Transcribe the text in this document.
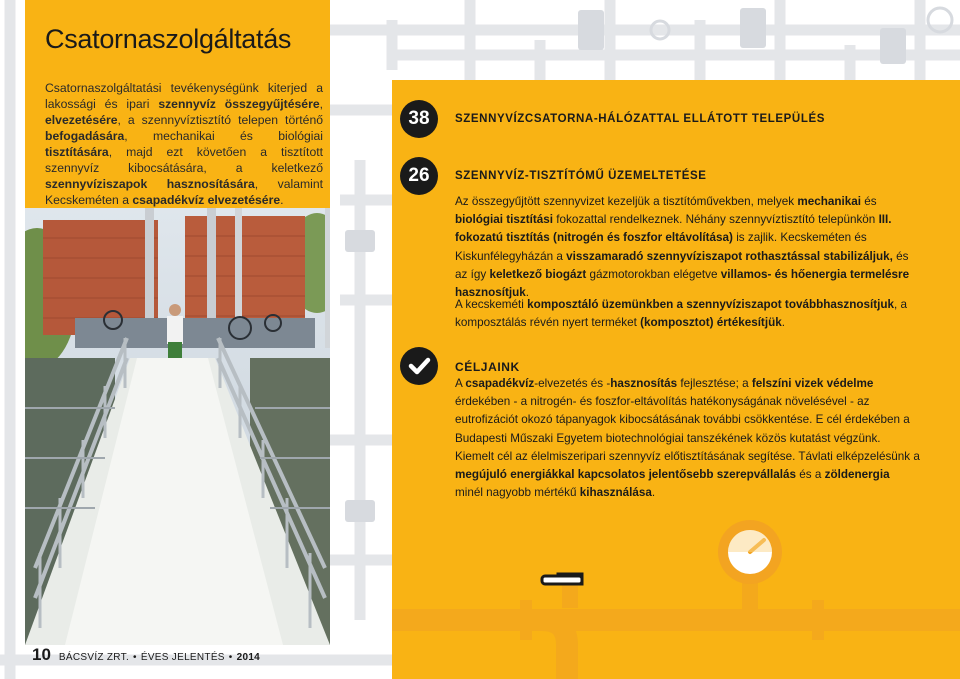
Csatornaszolgáltatás

Csatornaszolgáltatási tevékenységünk kiterjed a lakossági és ipari szennyvíz összegyűjtésére, elvezetésére, a szennyvíztisztító telepen történő befogadására, mechanikai és biológiai tisztítására, majd ezt követően a tisztított szennyvíz kibocsátására, a keletkező szennyvíziszapok hasznosítására, valamint Kecskeméten a csapadékvíz elvezetésére.

38	SZENNYVÍZCSATORNA-HÁLÓZATTAL ELLÁTOTT TELEPÜLÉS
26	SZENNYVÍZ-TISZTÍTÓMŰ ÜZEMELTETÉSE

Az összegyűjtött szennyvizet kezeljük a tisztítóművekben, melyek mechanikai és biológiai tisztítási fokozattal rendelkeznek. Néhány szennyvíztisztító telepünkön III. fokozatú tisztítás (nitrogén és foszfor eltávolítása) is zajlik. Kecskeméten és Kiskunfélegyházán a visszamaradó szennyvíziszapot rothasztással stabilizáljuk, és az így keletkező biogázt gázmotorokban elégetve villamos- és hőenergia termelésre hasznosítjuk.

A kecskeméti komposztáló üzemünkben a szennyvíziszapot továbbhasznosítjuk, a komposztálás révén nyert terméket (komposztot) értékesítjük.

CÉLJAINK

A csapadékvíz-elvezetés és -hasznosítás fejlesztése; a felszíni vizek védelme érdekében - a nitrogén- és foszfor-eltávolítás hatékonyságának növelésével - az eutrofizációt okozó tápanyagok kibocsátásának további csökkentése. E cél érdekében a Budapesti Műszaki Egyetem biotechnológiai tanszékének közös kutatást végzünk. Kiemelt cél az élelmiszeripari szennyvíz előtisztításának segítése. Távlati elképzelésünk a megújuló energiákkal kapcsolatos jelentősebb szerepvállalás és a zöldenergia minél nagyobb mértékű kihasználása.

10 BÁCSVÍZ ZRT. • ÉVES JELENTÉS • 2014
